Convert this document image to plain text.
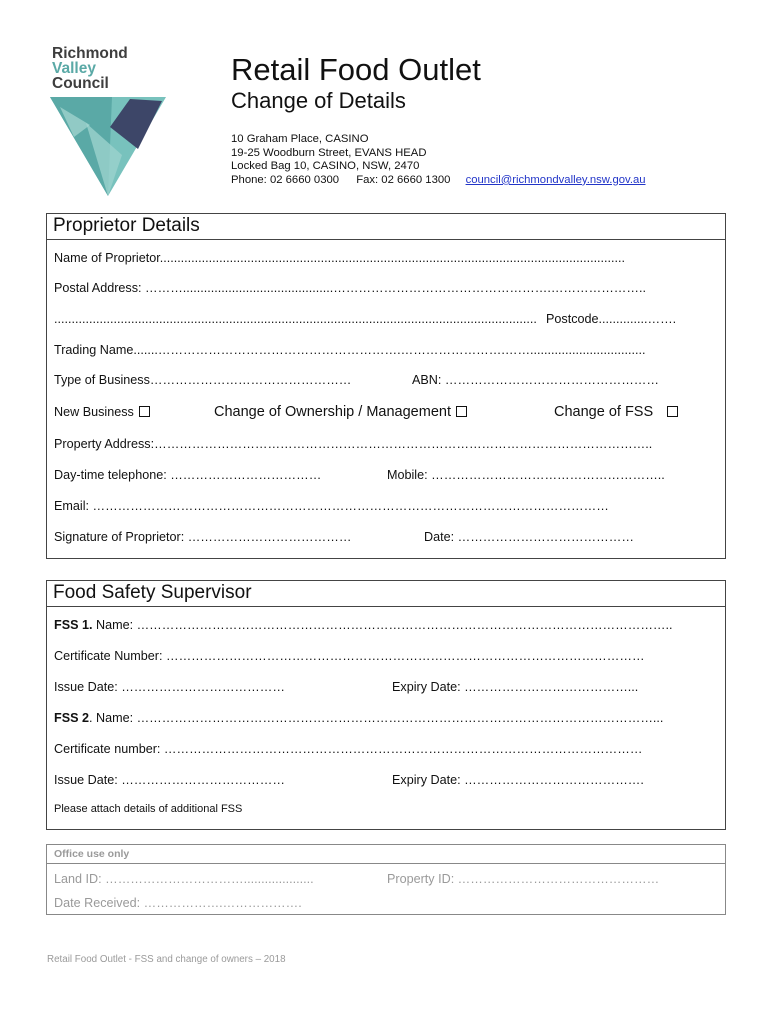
Richmond
Valley
Council	Retail Food Outlet
Change of Details
10 Graham Place, CASINO
19-25 Woodburn Street, EVANS HEAD
Locked Bag 10, CASINO, NSW, 2470
Phone: 02 6660 0300 Fax: 02 6660 1300 council@richmondvalley.nsw.gov.au
Proprietor Details
Name of Proprietor.....................................................................................................................................
Postal Address: ………...........................................…………………………………………….…………………..
.......................................................................................................................................... Postcode..............…….
Trading Name.......………………………………………………….…………………….…….................................
Type of Business…………………………………………	ABN: ……………………………………………
New Business	Change of Ownership / Management	Change of FSS
Property Address:………………………………………………………………………………………………………..
Day-time telephone: ………………………………	Mobile: ………………………………………………..
Email: ……………………………………………………………………………………………………………
Signature of Proprietor: …………………………………	Date: ……………………………………
Food Safety Supervisor
FSS 1. Name: ………………………………………………………………………………………………………………..
Certificate Number: ……………………………………………………………………………………………………
Issue Date: …………………………………	Expiry Date: …………………………………...
FSS 2. Name: ……………………………………………………………………………………………………………...
Certificate number: ……………………………………………………………………………………………………
Issue Date: …………………………………	Expiry Date: …………………………………….
Please attach details of additional FSS
Office use only
Land ID: ……………………………....................	Property ID: …………………………………………
Date Received: ……………….……………….
Retail Food Outlet - FSS and change of owners – 2018
